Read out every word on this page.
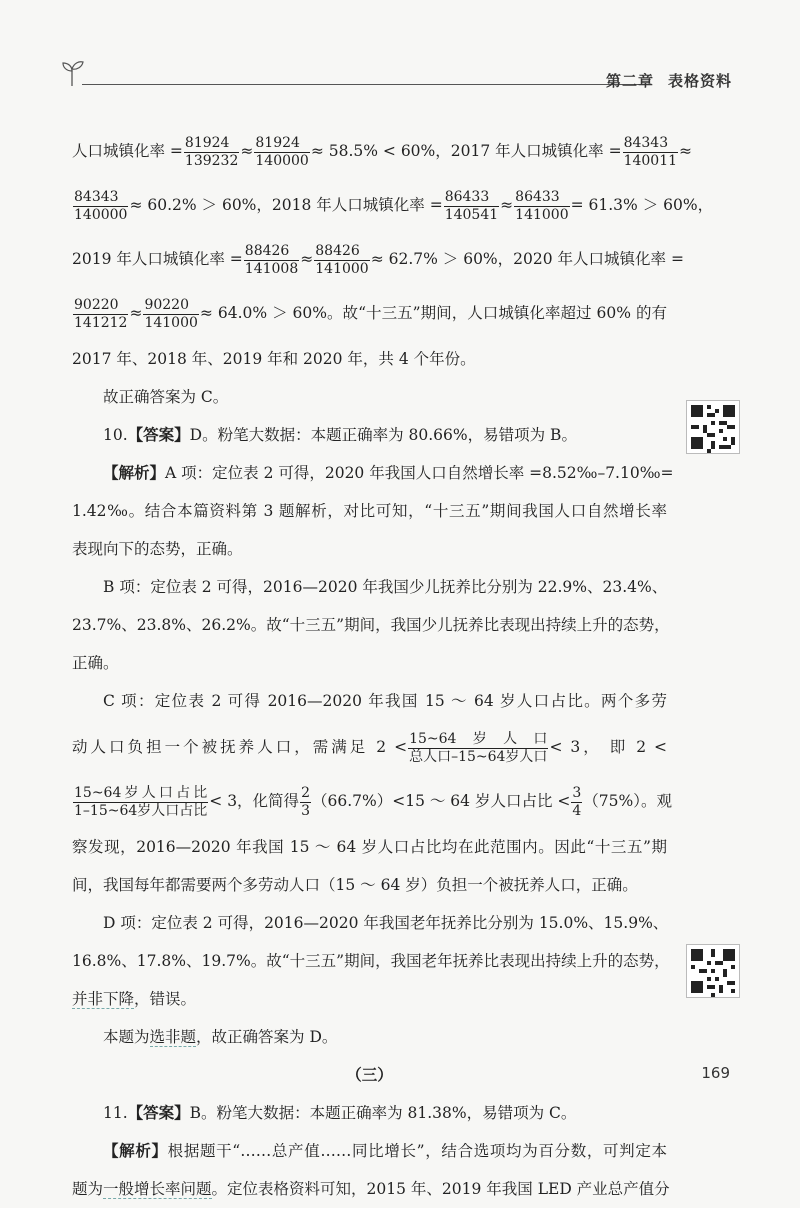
第二章 表格资料
人口城镇化率 = $\frac{81924}{139232} \approx \frac{81924}{140000} \approx 58.5\% < 60\%$，2017 年人口城镇化率 = $\frac{84343}{140011}$ ≈
$\frac{84343}{140000} \approx 60.2\% > 60\%$，2018 年人口城镇化率 = $\frac{86433}{140541} \approx \frac{86433}{141000} = 61.3\% > 60\%$，
2019 年人口城镇化率 = $\frac{88426}{141008} \approx \frac{88426}{141000} \approx 62.7\% > 60\%$，2020 年人口城镇化率 =
$\frac{90220}{141212} \approx \frac{90220}{141000} \approx 64.0\% > 60\%$。故“十三五”期间，人口城镇化率超过 60% 的有
2017 年、2018 年、2019 年和 2020 年，共 4 个年份。
故正确答案为 C。
10.【答案】D。粉笔大数据：本题正确率为 80.66%，易错项为 B。
【解析】A 项：定位表 2 可得，2020 年我国人口自然增长率 =8.52‰–7.10‰=
1.42‰。结合本篇资料第 3 题解析，对比可知，“十三五”期间我国人口自然增长率
表现向下的态势，正确。
B 项：定位表 2 可得，2016—2020 年我国少儿抚养比分别为 22.9%、23.4%、
23.7%、23.8%、26.2%。故“十三五”期间，我国少儿抚养比表现出持续上升的态势，
正确。
C 项：定位表 2 可得 2016—2020 年我国 15 ～ 64 岁人口占比。两个多劳
动人口负担一个被抚养人口，需满足 $2 < \frac{\text{15\textasciitilde{}64岁人口}}{\text{总人口–15\textasciitilde{}64岁人口}} < 3$， 即 2 <
$\frac{\text{15\textasciitilde{}64岁人口占比}}{\text{1–15\textasciitilde{}64岁人口占比}} < 3$，化简得 $\frac{2}{3} (66.7\%)<15$ ～ 64 岁人口占比 < $\frac{3}{4} (75\%)$。观
察发现，2016—2020 年我国 15 ～ 64 岁人口占比均在此范围内。因此“十三五”期
间，我国每年都需要两个多劳动人口（15 ～ 64 岁）负担一个被抚养人口，正确。
D 项：定位表 2 可得，2016—2020 年我国老年抚养比分别为 15.0%、15.9%、
16.8%、17.8%、19.7%。故“十三五”期间，我国老年抚养比表现出持续上升的态势，
并非下降，错误。
本题为选非题，故正确答案为 D。
（三）
11.【答案】B。粉笔大数据：本题正确率为 81.38%，易错项为 C。
【解析】根据题干“……总产值……同比增长”，结合选项均为百分数，可判定本
题为一般增长率问题。定位表格资料可知，2015 年、2019 年我国 LED 产业总产值分
169
